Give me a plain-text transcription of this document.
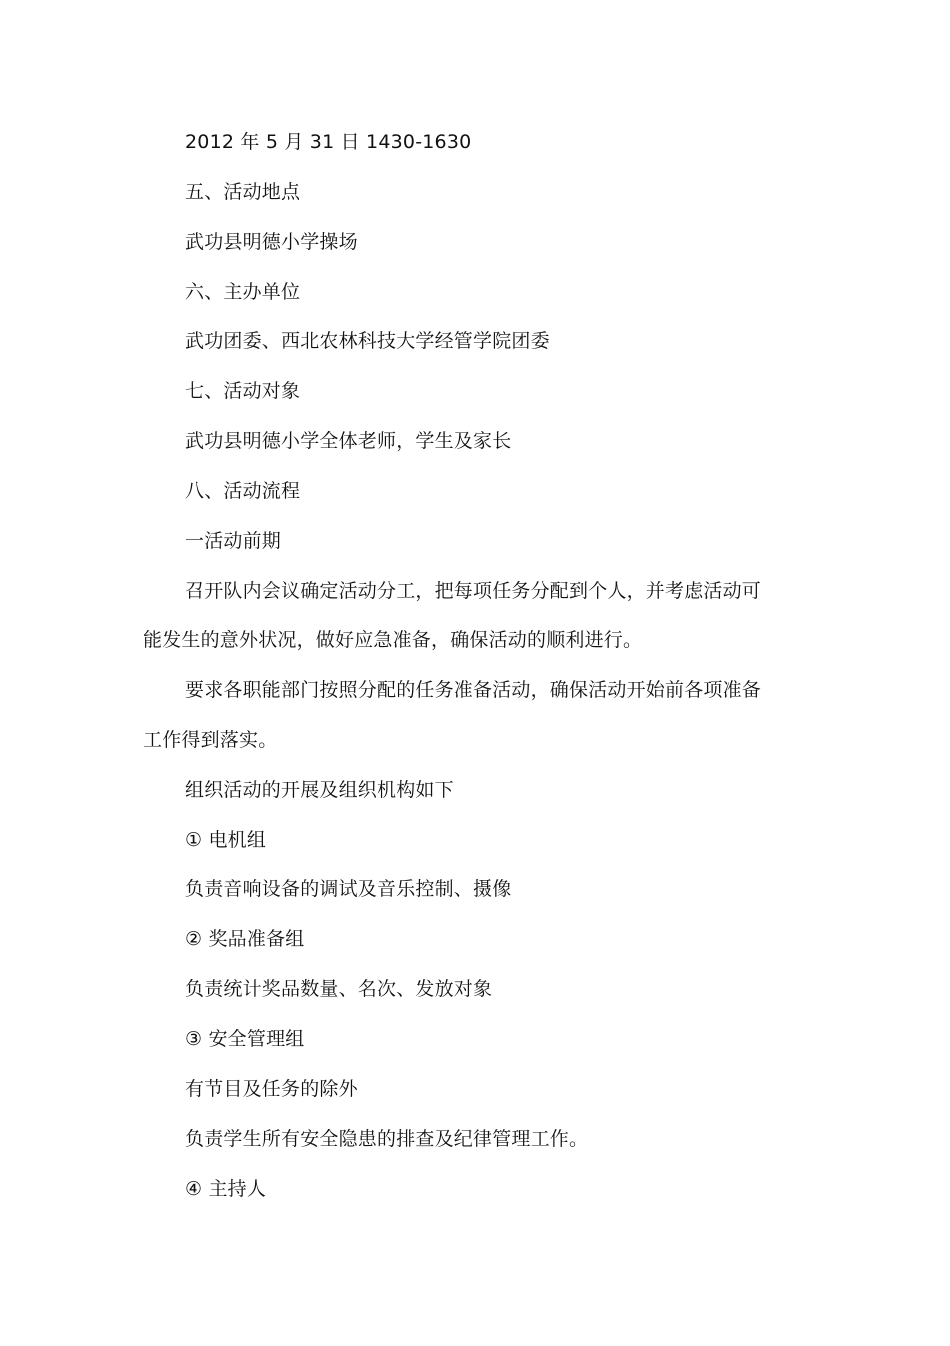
2012 年 5 月 31 日 1430-1630
五、活动地点
武功县明德小学操场
六、主办单位
武功团委、西北农林科技大学经管学院团委
七、活动对象
武功县明德小学全体老师，学生及家长
八、活动流程
一活动前期
召开队内会议确定活动分工，把每项任务分配到个人，并考虑活动可
能发生的意外状况，做好应急准备，确保活动的顺利进行。
要求各职能部门按照分配的任务准备活动，确保活动开始前各项准备
工作得到落实。
组织活动的开展及组织机构如下
① 电机组
负责音响设备的调试及音乐控制、摄像
② 奖品准备组
负责统计奖品数量、名次、发放对象
③ 安全管理组
有节目及任务的除外
负责学生所有安全隐患的排查及纪律管理工作。
④ 主持人
